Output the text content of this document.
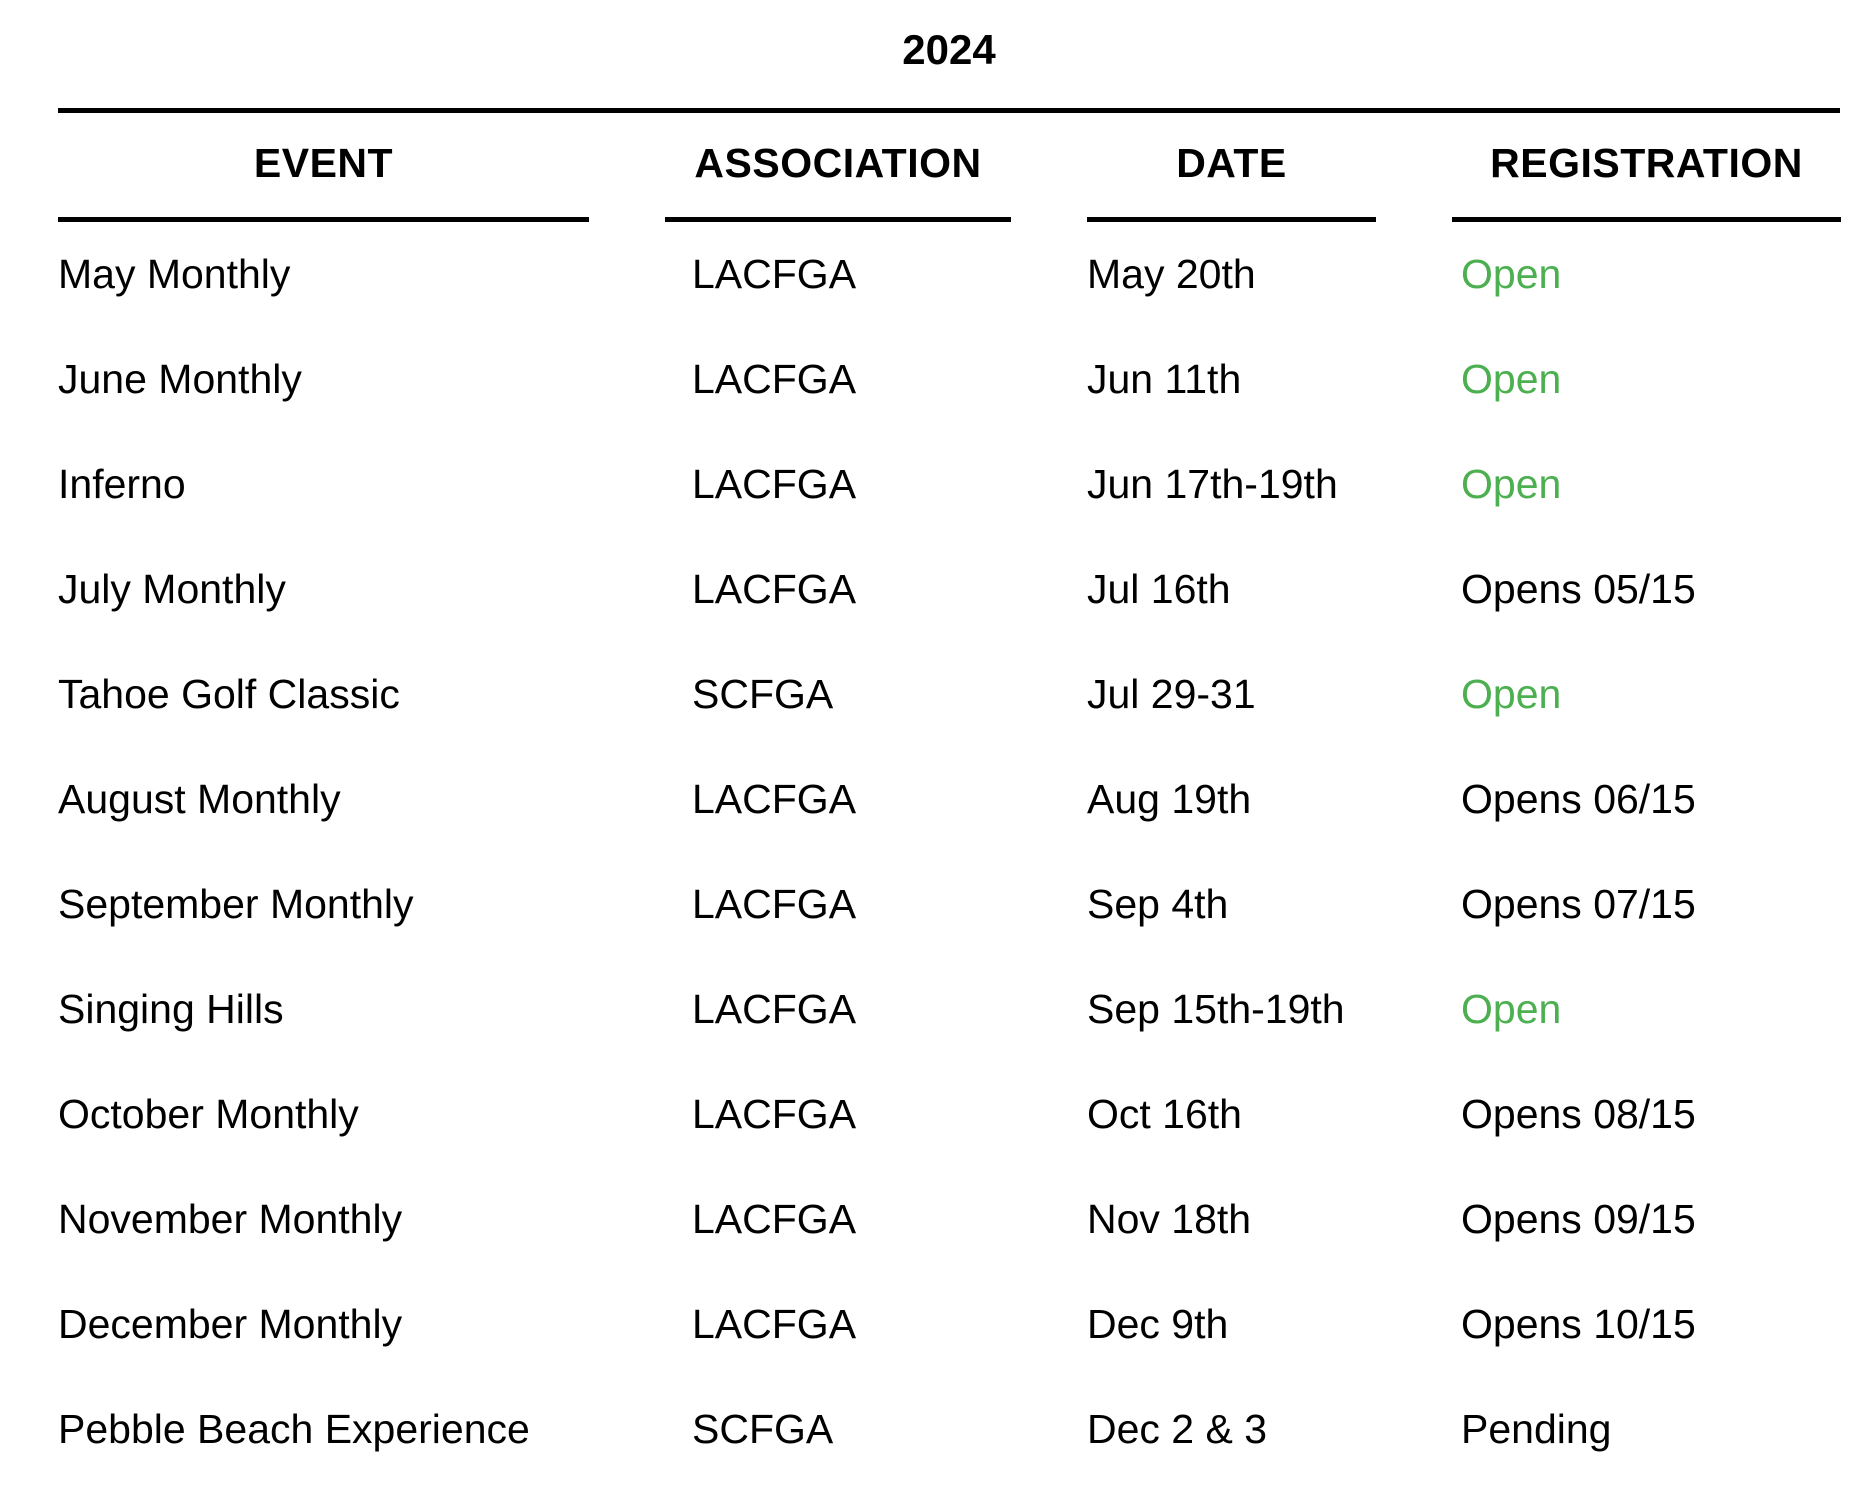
2024
EVENT	ASSOCIATION	DATE	REGISTRATION
May Monthly	LACFGA	May 20th	Open
June Monthly	LACFGA	Jun 11th	Open
Inferno	LACFGA	Jun 17th-19th	Open
July Monthly	LACFGA	Jul 16th	Opens 05/15
Tahoe Golf Classic	SCFGA	Jul 29-31	Open
August Monthly	LACFGA	Aug 19th	Opens 06/15
September Monthly	LACFGA	Sep 4th	Opens 07/15
Singing Hills	LACFGA	Sep 15th-19th	Open
October Monthly	LACFGA	Oct 16th	Opens 08/15
November Monthly	LACFGA	Nov 18th	Opens 09/15
December Monthly	LACFGA	Dec 9th	Opens 10/15
Pebble Beach Experience	SCFGA	Dec 2 & 3	Pending
